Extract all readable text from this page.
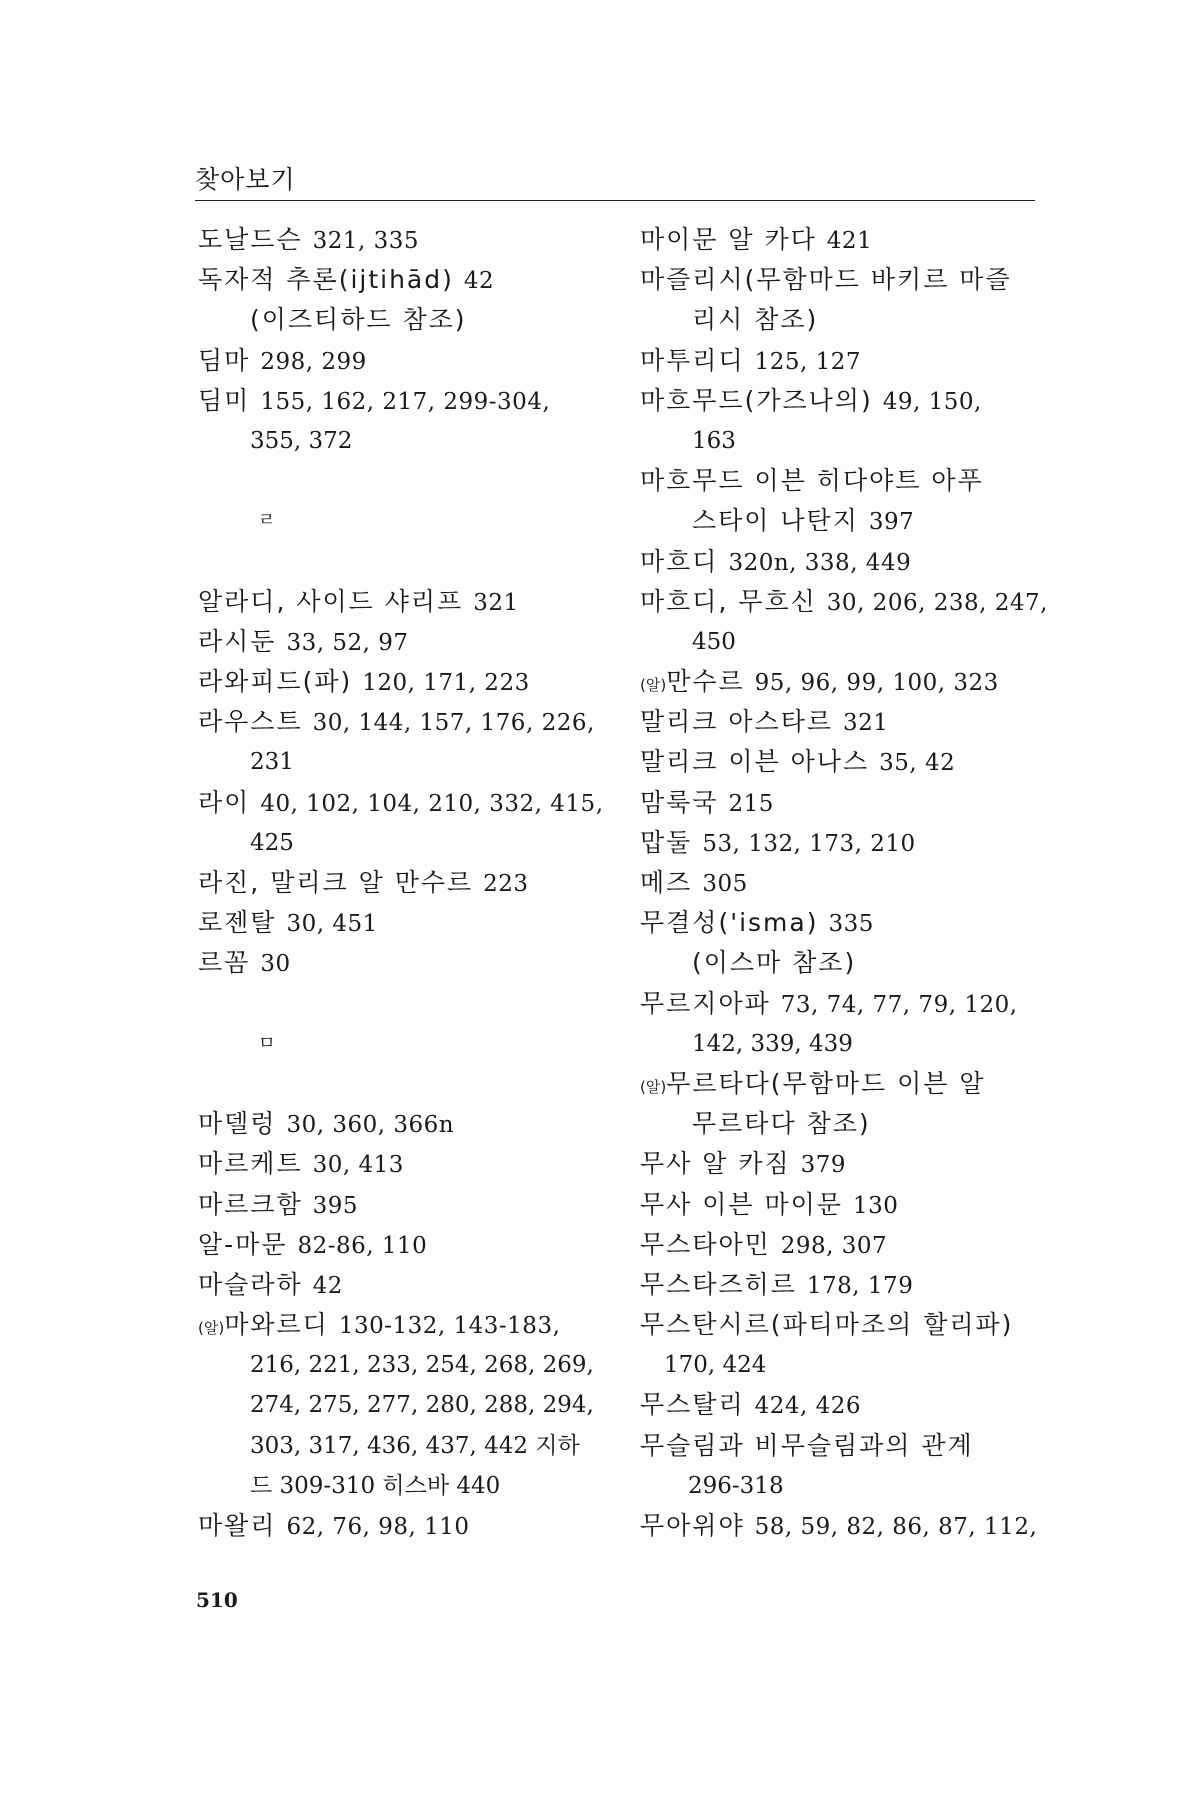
찾아보기
도날드슨 321, 335
독자적 추론(ijtihād) 42
(이즈티하드 참조)
딤마 298, 299
딤미 155, 162, 217, 299-304,
355, 372
ㄹ
알라디, 사이드 샤리프 321
라시둔 33, 52, 97
라와피드(파) 120, 171, 223
라우스트 30, 144, 157, 176, 226,
231
라이 40, 102, 104, 210, 332, 415,
425
라진, 말리크 알 만수르 223
로젠탈 30, 451
르꼼 30
ㅁ
마델렁 30, 360, 366n
마르케트 30, 413
마르크함 395
알-마문 82-86, 110
마슬라하 42
(알)마와르디 130-132, 143-183,
216, 221, 233, 254, 268, 269,
274, 275, 277, 280, 288, 294,
303, 317, 436, 437, 442 지하
드 309-310 히스바 440
마왈리 62, 76, 98, 110
마이문 알 카다 421
마즐리시(무함마드 바키르 마즐
리시 참조)
마투리디 125, 127
마흐무드(가즈나의) 49, 150,
163
마흐무드 이븐 히다야트 아푸
스타이 나탄지 397
마흐디 320n, 338, 449
마흐디, 무흐신 30, 206, 238, 247,
450
(알)만수르 95, 96, 99, 100, 323
말리크 아스타르 321
말리크 이븐 아나스 35, 42
맘룩국 215
맙둘 53, 132, 173, 210
메즈 305
무결성('isma) 335
(이스마 참조)
무르지아파 73, 74, 77, 79, 120,
142, 339, 439
(알)무르타다(무함마드 이븐 알
무르타다 참조)
무사 알 카짐 379
무사 이븐 마이문 130
무스타아민 298, 307
무스타즈히르 178, 179
무스탄시르(파티마조의 할리파)
170, 424
무스탈리 424, 426
무슬림과 비무슬림과의 관계
296-318
무아위야 58, 59, 82, 86, 87, 112,
510
